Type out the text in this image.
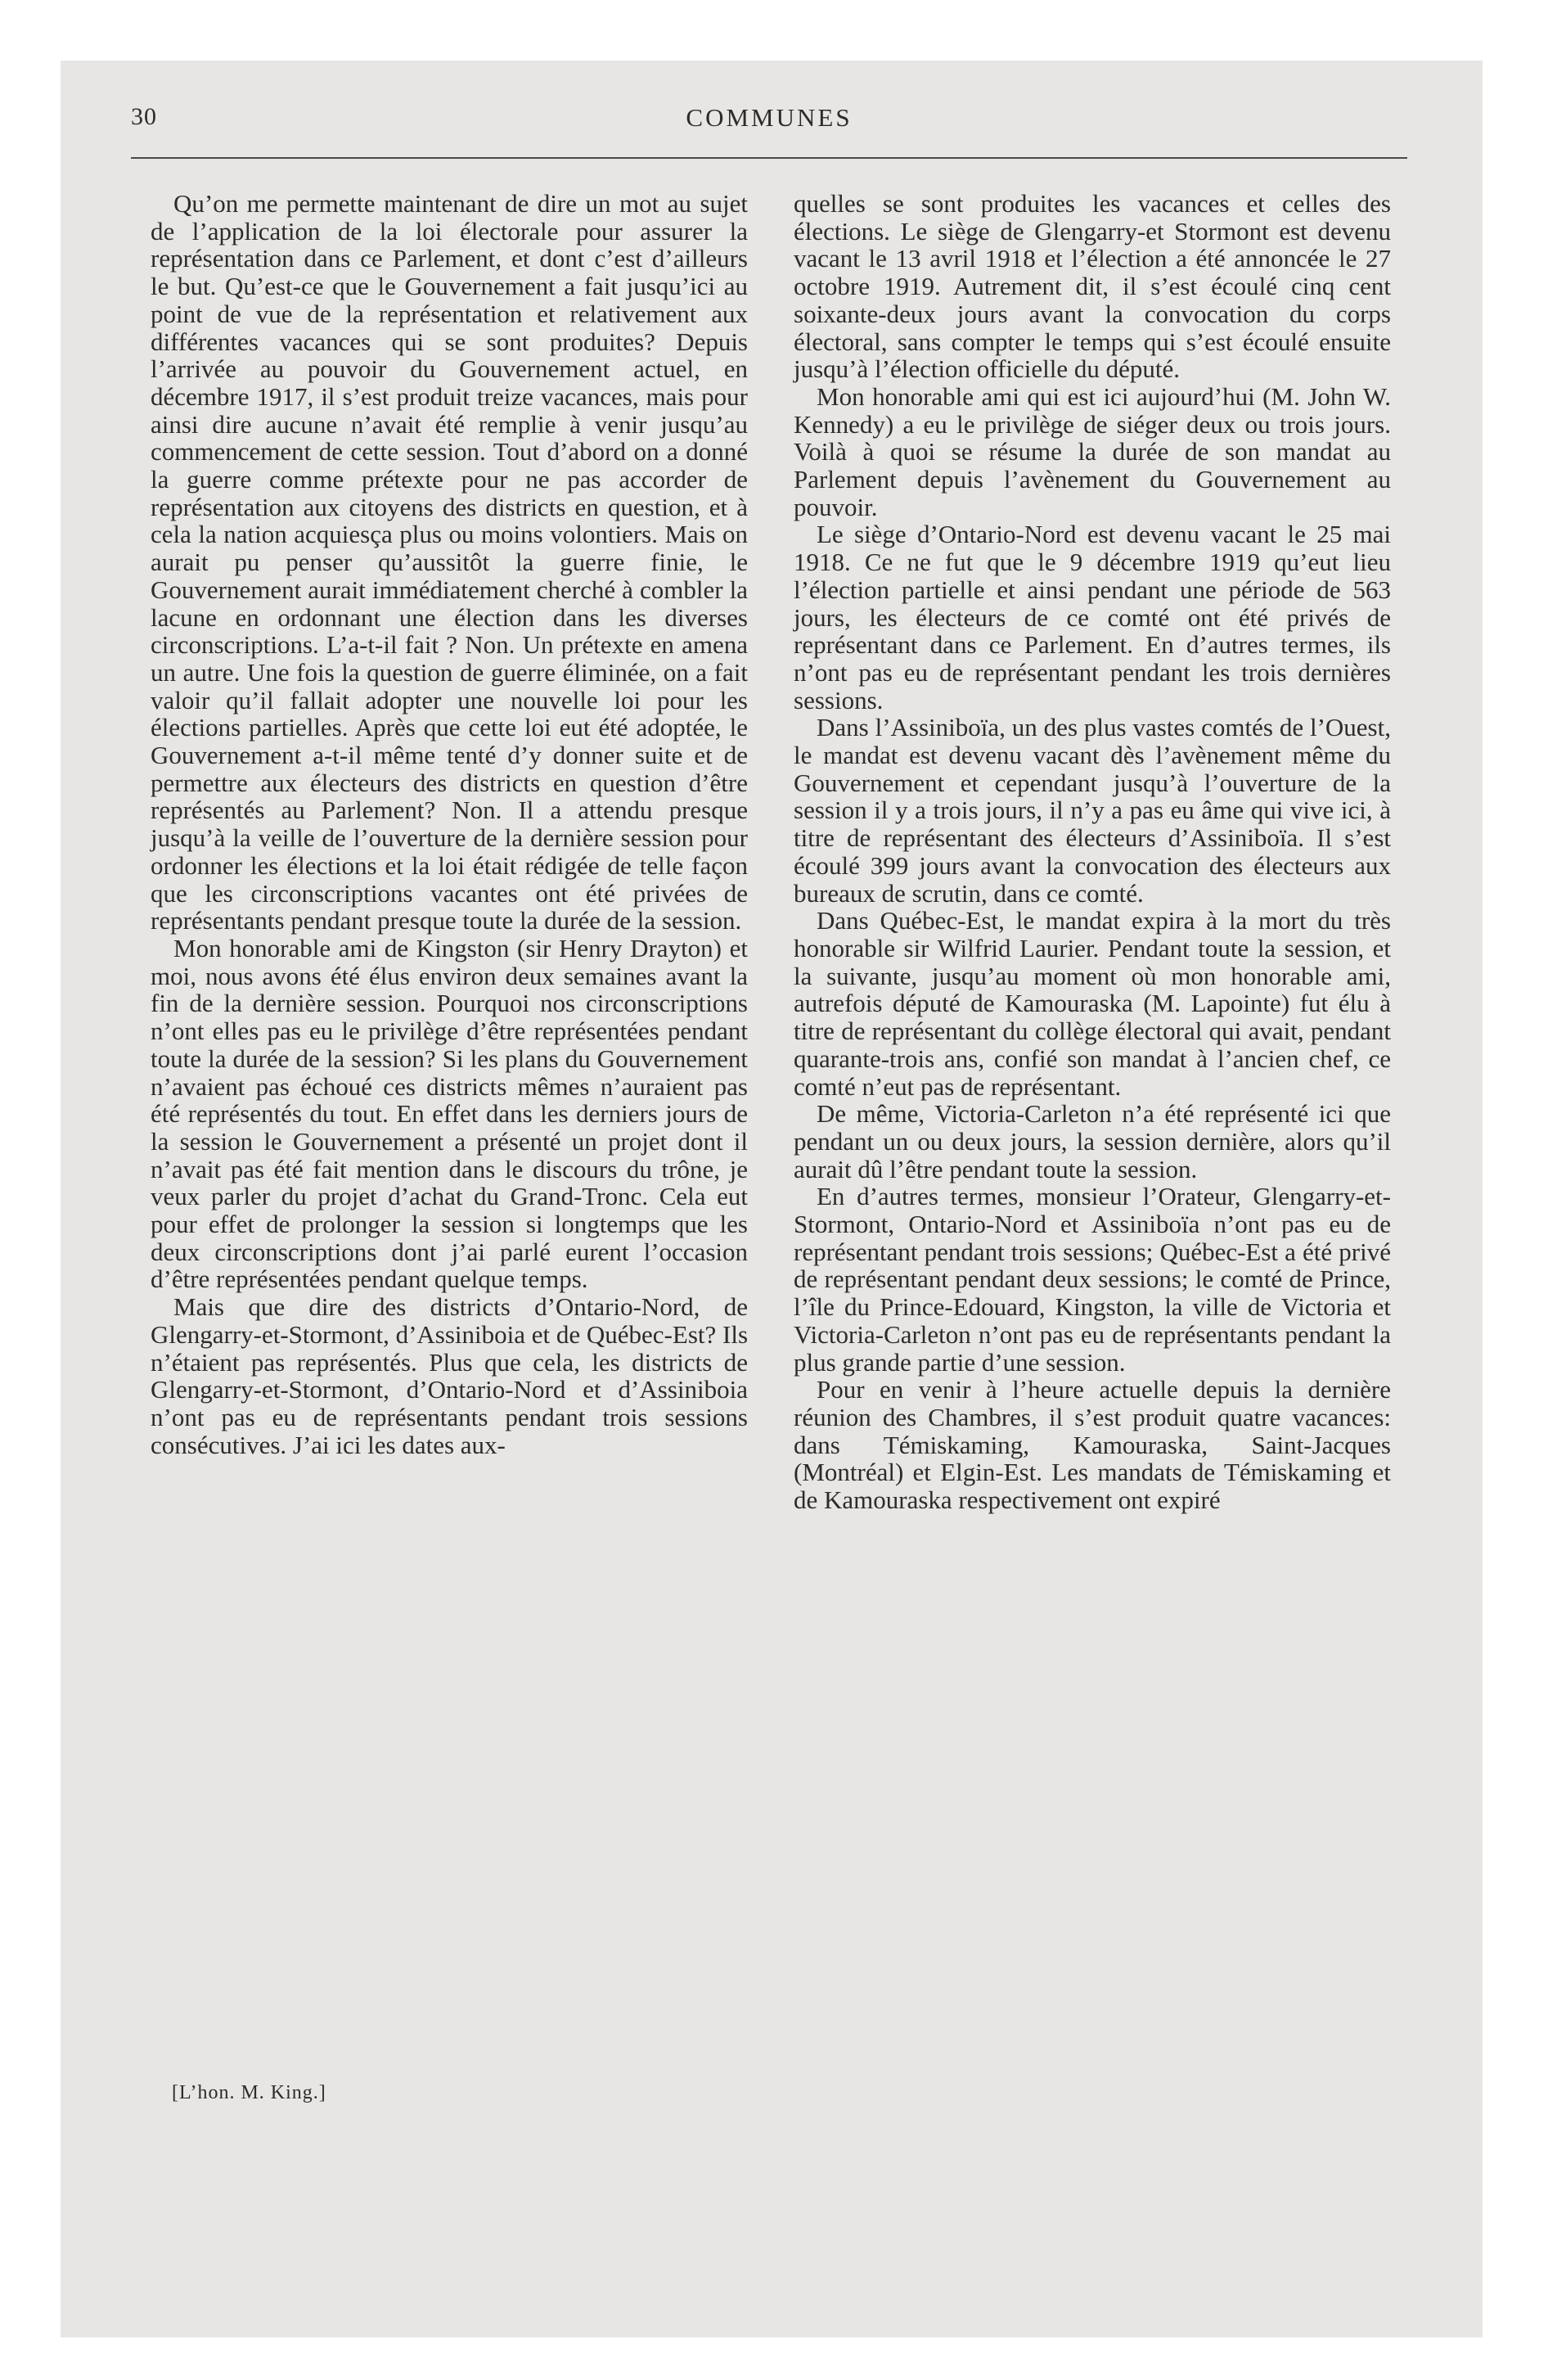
30	COMMUNES

Qu’on me permette maintenant de dire un mot au sujet de l’application de la loi électorale pour assurer la représentation dans ce Parlement, et dont c’est d’ailleurs le but. Qu’est-ce que le Gouvernement a fait jusqu’ici au point de vue de la représentation et relativement aux différentes vacances qui se sont produites? Depuis l’arrivée au pouvoir du Gouvernement actuel, en décembre 1917, il s’est produit treize vacances, mais pour ainsi dire aucune n’avait été remplie à venir jusqu’au commencement de cette session. Tout d’abord on a donné la guerre comme prétexte pour ne pas accorder de représentation aux citoyens des districts en question, et à cela la nation acquiesça plus ou moins volontiers. Mais on aurait pu penser qu’aussitôt la guerre finie, le Gouvernement aurait immédiatement cherché à combler la lacune en ordonnant une élection dans les diverses circonscriptions. L’a-t-il fait ? Non. Un prétexte en amena un autre. Une fois la question de guerre éliminée, on a fait valoir qu’il fallait adopter une nouvelle loi pour les élections partielles. Après que cette loi eut été adoptée, le Gouvernement a-t-il même tenté d’y donner suite et de permettre aux électeurs des districts en question d’être représentés au Parlement? Non. Il a attendu presque jusqu’à la veille de l’ouverture de la dernière session pour ordonner les élections et la loi était rédigée de telle façon que les circonscriptions vacantes ont été privées de représentants pendant presque toute la durée de la session.

Mon honorable ami de Kingston (sir Henry Drayton) et moi, nous avons été élus environ deux semaines avant la fin de la dernière session. Pourquoi nos circonscriptions n’ont elles pas eu le privilège d’être représentées pendant toute la durée de la session? Si les plans du Gouvernement n’avaient pas échoué ces districts mêmes n’auraient pas été représentés du tout. En effet dans les derniers jours de la session le Gouvernement a présenté un projet dont il n’avait pas été fait mention dans le discours du trône, je veux parler du projet d’achat du Grand-Tronc. Cela eut pour effet de prolonger la session si longtemps que les deux circonscriptions dont j’ai parlé eurent l’occasion d’être représentées pendant quelque temps.

Mais que dire des districts d’Ontario-Nord, de Glengarry-et-Stormont, d’Assiniboia et de Québec-Est? Ils n’étaient pas représentés. Plus que cela, les districts de Glengarry-et-Stormont, d’Ontario-Nord et d’Assiniboia n’ont pas eu de représentants pendant trois sessions consécutives. J’ai ici les dates aux-

quelles se sont produites les vacances et celles des élections. Le siège de Glengarry-et Stormont est devenu vacant le 13 avril 1918 et l’élection a été annoncée le 27 octobre 1919. Autrement dit, il s’est écoulé cinq cent soixante-deux jours avant la convocation du corps électoral, sans compter le temps qui s’est écoulé ensuite jusqu’à l’élection officielle du député.

Mon honorable ami qui est ici aujourd’hui (M. John W. Kennedy) a eu le privilège de siéger deux ou trois jours. Voilà à quoi se résume la durée de son mandat au Parlement depuis l’avènement du Gouvernement au pouvoir.

Le siège d’Ontario-Nord est devenu vacant le 25 mai 1918. Ce ne fut que le 9 décembre 1919 qu’eut lieu l’élection partielle et ainsi pendant une période de 563 jours, les électeurs de ce comté ont été privés de représentant dans ce Parlement. En d’autres termes, ils n’ont pas eu de représentant pendant les trois dernières sessions.

Dans l’Assiniboïa, un des plus vastes comtés de l’Ouest, le mandat est devenu vacant dès l’avènement même du Gouvernement et cependant jusqu’à l’ouverture de la session il y a trois jours, il n’y a pas eu âme qui vive ici, à titre de représentant des électeurs d’Assiniboïa. Il s’est écoulé 399 jours avant la convocation des électeurs aux bureaux de scrutin, dans ce comté.

Dans Québec-Est, le mandat expira à la mort du très honorable sir Wilfrid Laurier. Pendant toute la session, et la suivante, jusqu’au moment où mon honorable ami, autrefois député de Kamouraska (M. Lapointe) fut élu à titre de représentant du collège électoral qui avait, pendant quarante-trois ans, confié son mandat à l’ancien chef, ce comté n’eut pas de représentant.

De même, Victoria-Carleton n’a été représenté ici que pendant un ou deux jours, la session dernière, alors qu’il aurait dû l’être pendant toute la session.

En d’autres termes, monsieur l’Orateur, Glengarry-et-Stormont, Ontario-Nord et Assiniboïa n’ont pas eu de représentant pendant trois sessions; Québec-Est a été privé de représentant pendant deux sessions; le comté de Prince, l’île du Prince-Edouard, Kingston, la ville de Victoria et Victoria-Carleton n’ont pas eu de représentants pendant la plus grande partie d’une session.

Pour en venir à l’heure actuelle depuis la dernière réunion des Chambres, il s’est produit quatre vacances: dans Témiskaming, Kamouraska, Saint-Jacques (Montréal) et Elgin-Est. Les mandats de Témiskaming et de Kamouraska respectivement ont expiré

[L’hon. M. King.]
